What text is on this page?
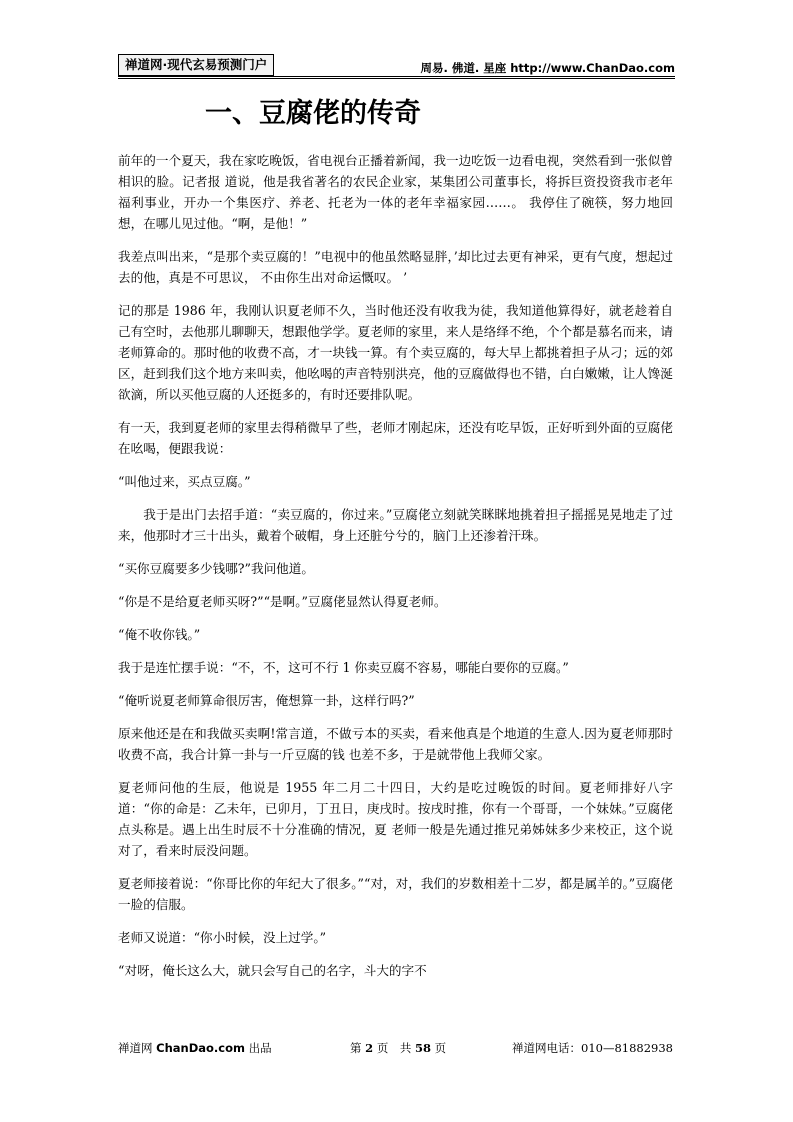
禅道网·现代玄易预测门户	周易. 佛道. 星座 http://www.ChanDao.com
一、豆腐佬的传奇

前年的一个夏天，我在家吃晚饭，省电视台正播着新闻，我一边吃饭一边看电视，突然看到一张似曾相识的脸。记者报 道说，他是我省著名的农民企业家，某集团公司董事长，将拆巨资投资我市老年福利事业，开办一个集医疗、养老、托老为一体的老年幸福家园……。 我停住了碗筷，努力地回想，在哪儿见过他。“啊，是他！”

我差点叫出来，“是那个卖豆腐的！”电视中的他虽然略显胖，’却比过去更有神采，更有气度，想起过去的他，真是不可思议， 不由你生出对命运慨叹。 ’

记的那是 1986 年，我刚认识夏老师不久，当时他还没有收我为徒，我知道他算得好，就老趁着自己有空时，去他那儿聊聊天，想跟他学学。夏老师的家里，来人是络绎不绝，个个都是慕名而来，请老师算命的。那时他的收费不高，才一块钱一算。有个卖豆腐的，每大早上都挑着担子从刁；远的郊区，赶到我们这个地方来叫卖，他吆喝的声音特别洪亮，他的豆腐做得也不错，白白嫩嫩，让人馋涎欲滴，所以买他豆腐的人还挺多的，有时还要排队呢。

有一天，我到夏老师的家里去得稍微早了些，老师才刚起床，还没有吃早饭，正好听到外面的豆腐佬在吆喝，便跟我说：

“叫他过来，买点豆腐。”

我于是出门去招手道：“卖豆腐的，你过来。”豆腐佬立刻就笑眯眯地挑着担子摇摇晃晃地走了过来，他那时才三十出头，戴着个破帽，身上还脏兮兮的，脑门上还渗着汗珠。

“买你豆腐要多少钱哪?”我问他道。

“你是不是给夏老师买呀?”“是啊。”豆腐佬显然认得夏老师。

“俺不收你钱。”

我于是连忙摆手说：“不，不，这可不行 1 你卖豆腐不容易，哪能白要你的豆腐。”

“俺听说夏老师算命很厉害，俺想算一卦，这样行吗?”

原来他还是在和我做买卖啊!常言道，不做亏本的买卖，看来他真是个地道的生意人.因为夏老师那时收费不高，我合计算一卦与一斤豆腐的钱 也差不多，于是就带他上我师父家。

夏老师问他的生辰，他说是 1955 年二月二十四日，大约是吃过晚饭的时间。夏老师排好八字道：“你的命是：乙未年，已卯月，丁丑日，庚戌时。按戌时推，你有一个哥哥，一个妹妹。”豆腐佬点头称是。遇上出生时辰不十分准确的情况，夏 老师一般是先通过推兄弟姊妹多少来校正，这个说对了，看来时辰没问题。

夏老师接着说：“你哥比你的年纪大了很多。”“对，对，我们的岁数相差十二岁，都是属羊的。”豆腐佬一脸的信服。

老师又说道：“你小时候，没上过学。”

“对呀，俺长这么大，就只会写自己的名字，斗大的字不

禅道网 ChanDao.com 出品	第 2 页　共 58 页	禅道网电话：010—81882938
